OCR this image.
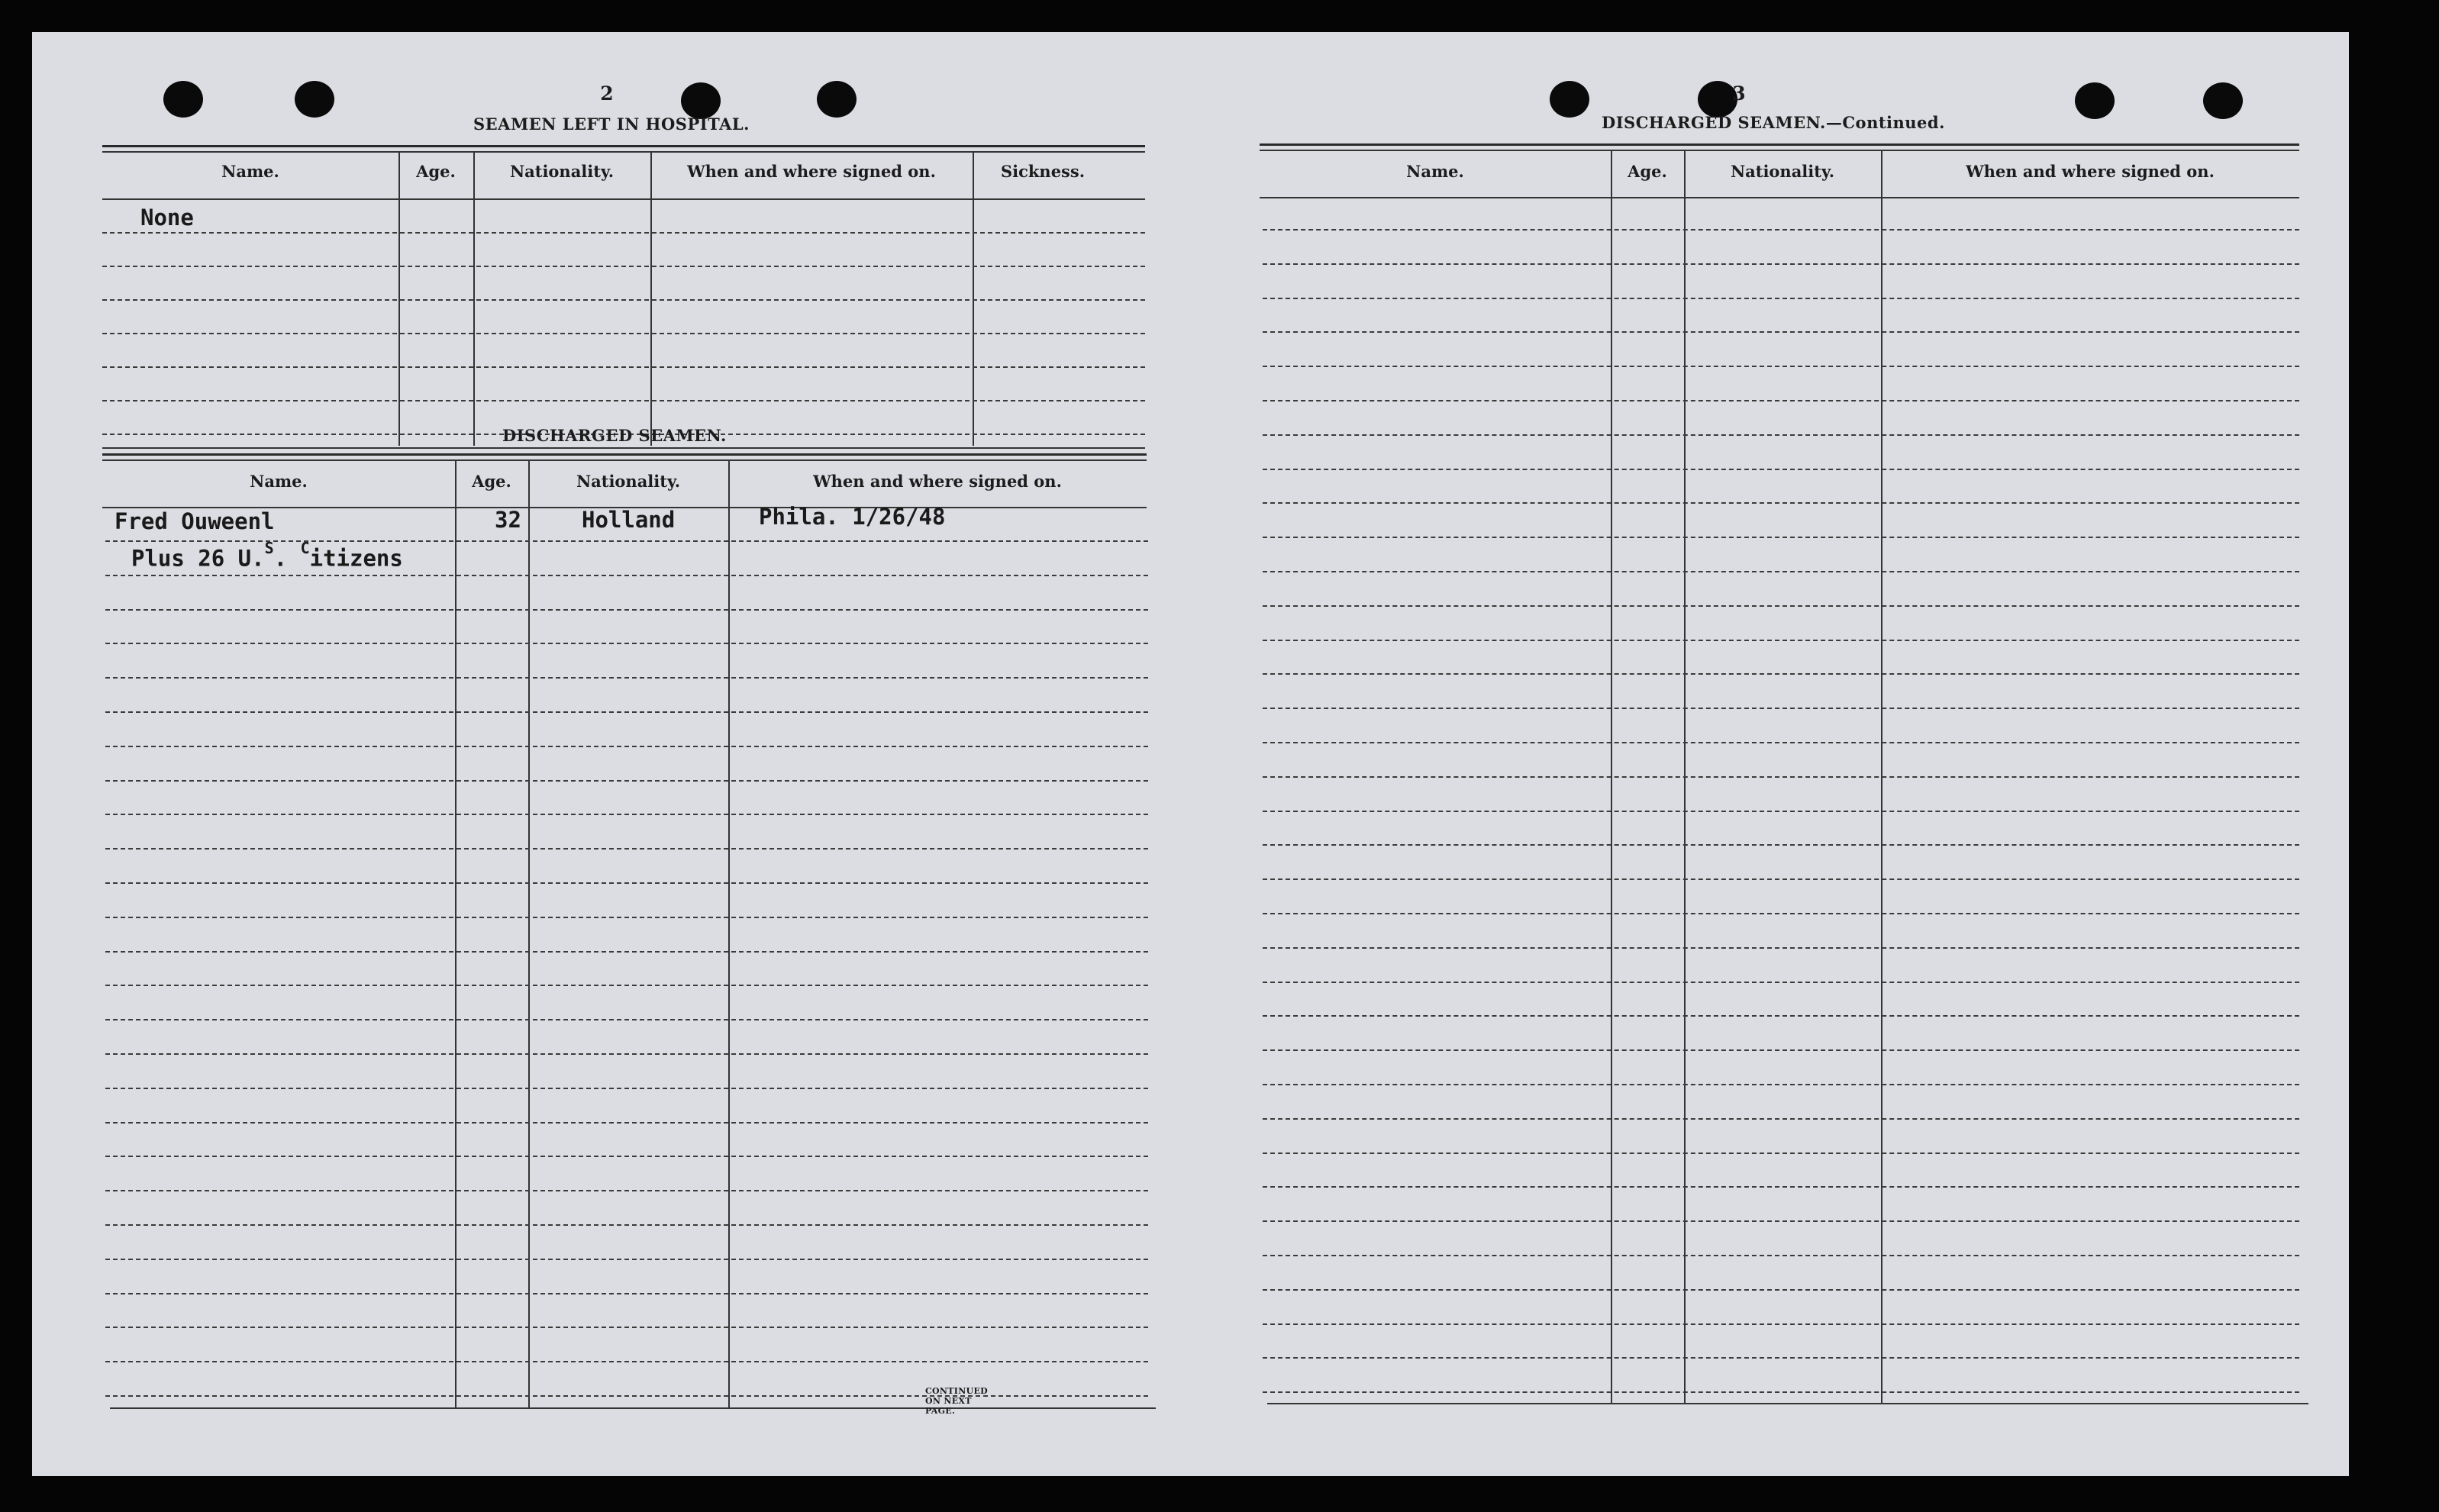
2
SEAMEN LEFT IN HOSPITAL.
Name.	Age.	Nationality.	When and where signed on.	Sickness.
None
DISCHARGED SEAMEN.
Name.	Age.	Nationality.	When and where signed on.
Fred Ouweenl	32	Holland	Phila. 1/26/48
Plus 26 U.$^S$. $^C$itizens
CONTINUED ON NEXT PAGE.
3
DISCHARGED SEAMEN.—Continued.
Name.	Age.	Nationality.	When and where signed on.
